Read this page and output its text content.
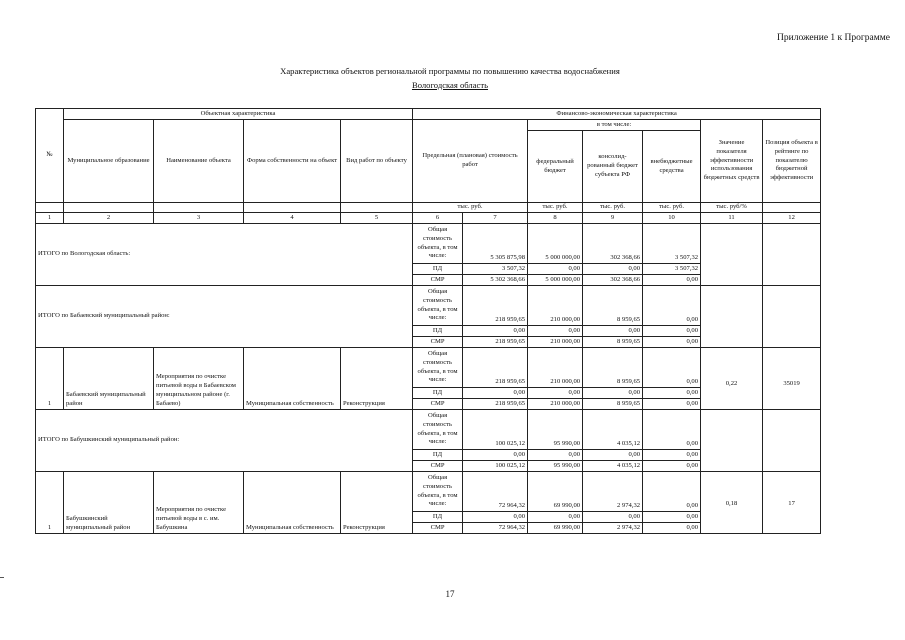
Приложение 1 к Программе
Характеристика объектов региональной программы по повышению качества водоснабжения
Вологодская область
№	Объектная характеристика				Финансово-экономическая характеристика						
	Муниципальное образование	Наименование объекта	Форма собственности на объект	Вид работ по объекту	Предельная (плановая) стоимость работ		в том числе:			Значение показателя эффективности использования бюджетных средств	Позиция объекта в рейтинге по показателю бюджетной эффективности
							федеральный бюджет	консолид- рованный бюджет субъекта РФ	внебюджетные средства		
					тыс. руб.		тыс. руб.	тыс. руб.	тыс. руб.	тыс. руб/%	
1	2	3	4	5	6	7	8	9	10	11	12
ИТОГО по Вологодская область:					Общая стоимость объекта, в том числе:	5 305 875,98	5 000 000,00	302 368,66	3 507,32		
					ПД	3 507,32	0,00	0,00	3 507,32		
					СМР	5 302 368,66	5 000 000,00	302 368,66	0,00		
ИТОГО по Бабаевский муниципальный район:					Общая стоимость объекта, в том числе:	218 959,65	210 000,00	8 959,65	0,00		
					ПД	0,00	0,00	0,00	0,00		
					СМР	218 959,65	210 000,00	8 959,65	0,00		
1	Бабаевский муниципальный район	Мероприятия по очистке питьевой воды в Бабаевском муниципальном районе (г. Бабаево)	Муниципальная собственность	Реконструкция	Общая стоимость объекта, в том числе:	218 959,65	210 000,00	8 959,65	0,00	0,22	35019
					ПД	0,00	0,00	0,00	0,00		
					СМР	218 959,65	210 000,00	8 959,65	0,00		
ИТОГО по Бабушкинский муниципальный район:					Общая стоимость объекта, в том числе:	100 025,12	95 990,00	4 035,12	0,00		
					ПД	0,00	0,00	0,00	0,00		
					СМР	100 025,12	95 990,00	4 035,12	0,00		
1	Бабушкинский муниципальный район	Мероприятия по очистке питьевой воды в с. им. Бабушкина	Муниципальная собственность	Реконструкция	Общая стоимость объекта, в том числе:	72 964,32	69 990,00	2 974,32	0,00	0,18	17
					ПД	0,00	0,00	0,00	0,00		
					СМР	72 964,32	69 990,00	2 974,32	0,00		
17
